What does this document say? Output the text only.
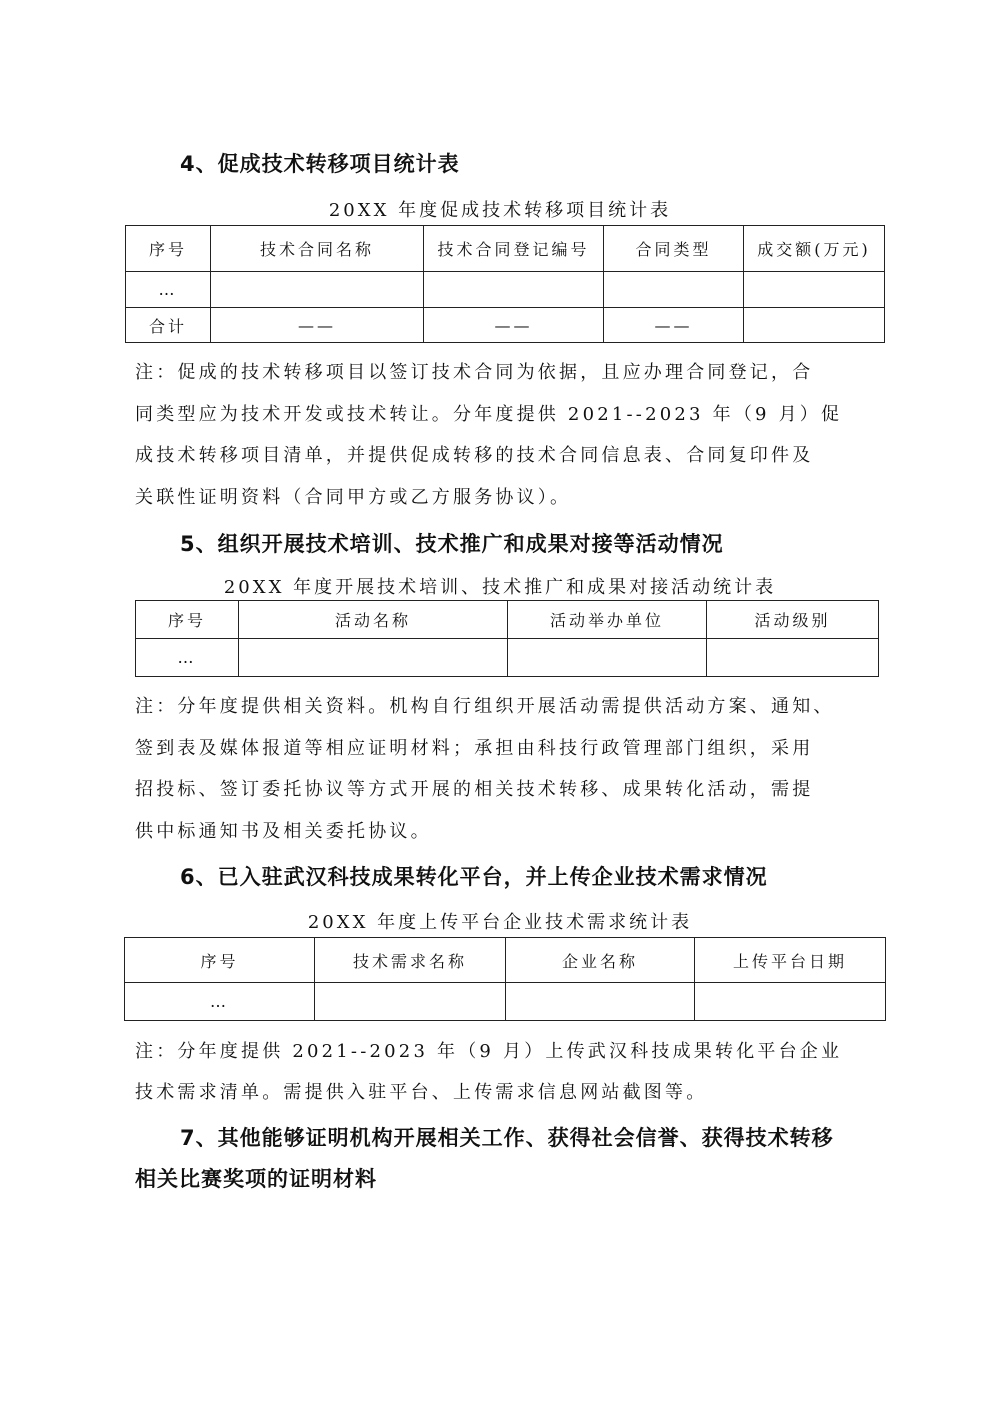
4、促成技术转移项目统计表
20XX 年度促成技术转移项目统计表
序号	技术合同名称	技术合同登记编号	合同类型	成交额(万元)
…				
合计	——	——	——	
注：促成的技术转移项目以签订技术合同为依据，且应办理合同登记，合
同类型应为技术开发或技术转让。分年度提供 2021--2023 年（9 月）促
成技术转移项目清单，并提供促成转移的技术合同信息表、合同复印件及
关联性证明资料（合同甲方或乙方服务协议）。
5、组织开展技术培训、技术推广和成果对接等活动情况
20XX 年度开展技术培训、技术推广和成果对接活动统计表
序号	活动名称	活动举办单位	活动级别
…			
注：分年度提供相关资料。机构自行组织开展活动需提供活动方案、通知、
签到表及媒体报道等相应证明材料；承担由科技行政管理部门组织，采用
招投标、签订委托协议等方式开展的相关技术转移、成果转化活动，需提
供中标通知书及相关委托协议。
6、已入驻武汉科技成果转化平台，并上传企业技术需求情况
20XX 年度上传平台企业技术需求统计表
序号	技术需求名称	企业名称	上传平台日期
…			
注：分年度提供 2021--2023 年（9 月）上传武汉科技成果转化平台企业
技术需求清单。需提供入驻平台、上传需求信息网站截图等。
7、其他能够证明机构开展相关工作、获得社会信誉、获得技术转移
相关比赛奖项的证明材料
